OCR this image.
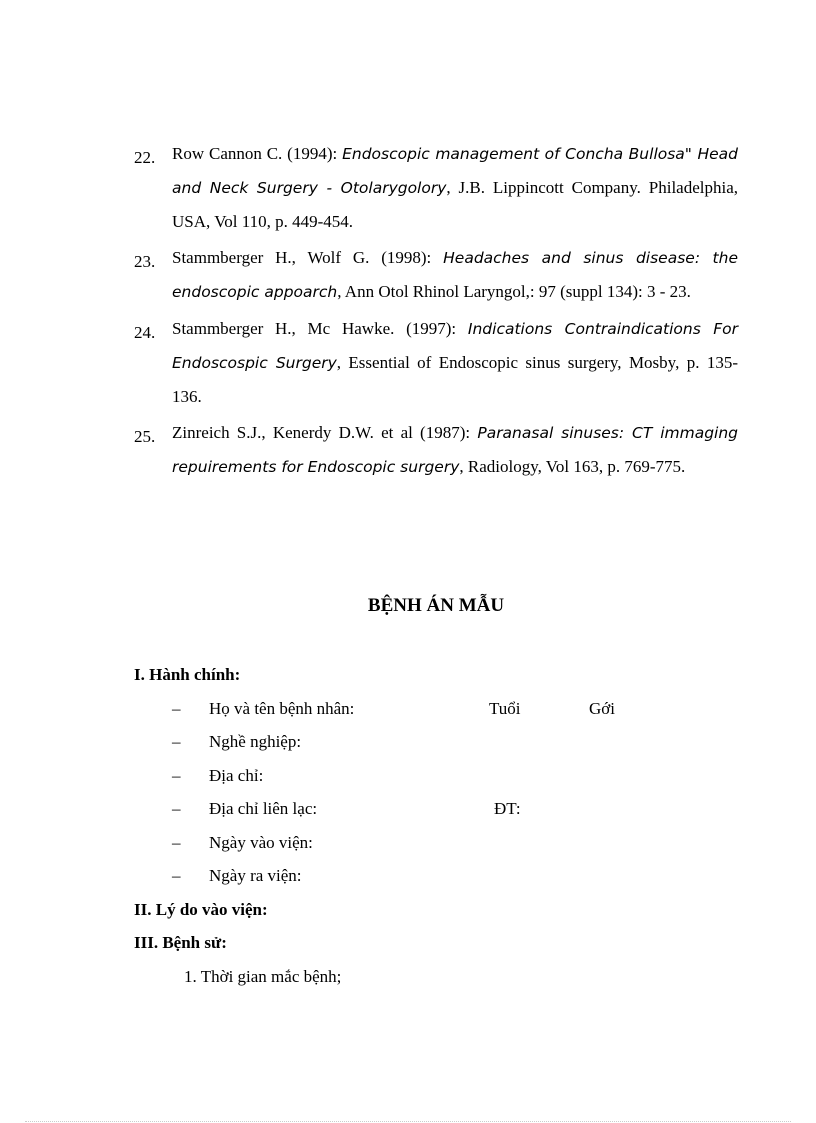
22. Row Cannon C. (1994): Endoscopic management of Concha Bullosa" Head and Neck Surgery - Otolarygolory, J.B. Lippincott Company. Philadelphia, USA, Vol 110, p. 449-454.
23. Stammberger H., Wolf G. (1998): Headaches and sinus disease: the endoscopic appoarch, Ann Otol Rhinol Laryngol,: 97 (suppl 134): 3 - 23.
24. Stammberger H., Mc Hawke. (1997): Indications Contraindications For Endoscospic Surgery, Essential of Endoscopic sinus surgery, Mosby, p. 135-136.
25. Zinreich S.J., Kenerdy D.W. et al (1987): Paranasal sinuses: CT immaging repuirements for Endoscopic surgery, Radiology, Vol 163, p. 769-775.
BỆNH ÁN MẪU
I. Hành chính:
– Họ và tên bệnh nhân:	Tuổi	Gới
– Nghề nghiệp:
– Địa chỉ:
– Địa chỉ liên lạc:	ĐT:
– Ngày vào viện:
– Ngày ra viện:
II. Lý do vào viện:
III. Bệnh sử:
1. Thời gian mắc bệnh;
